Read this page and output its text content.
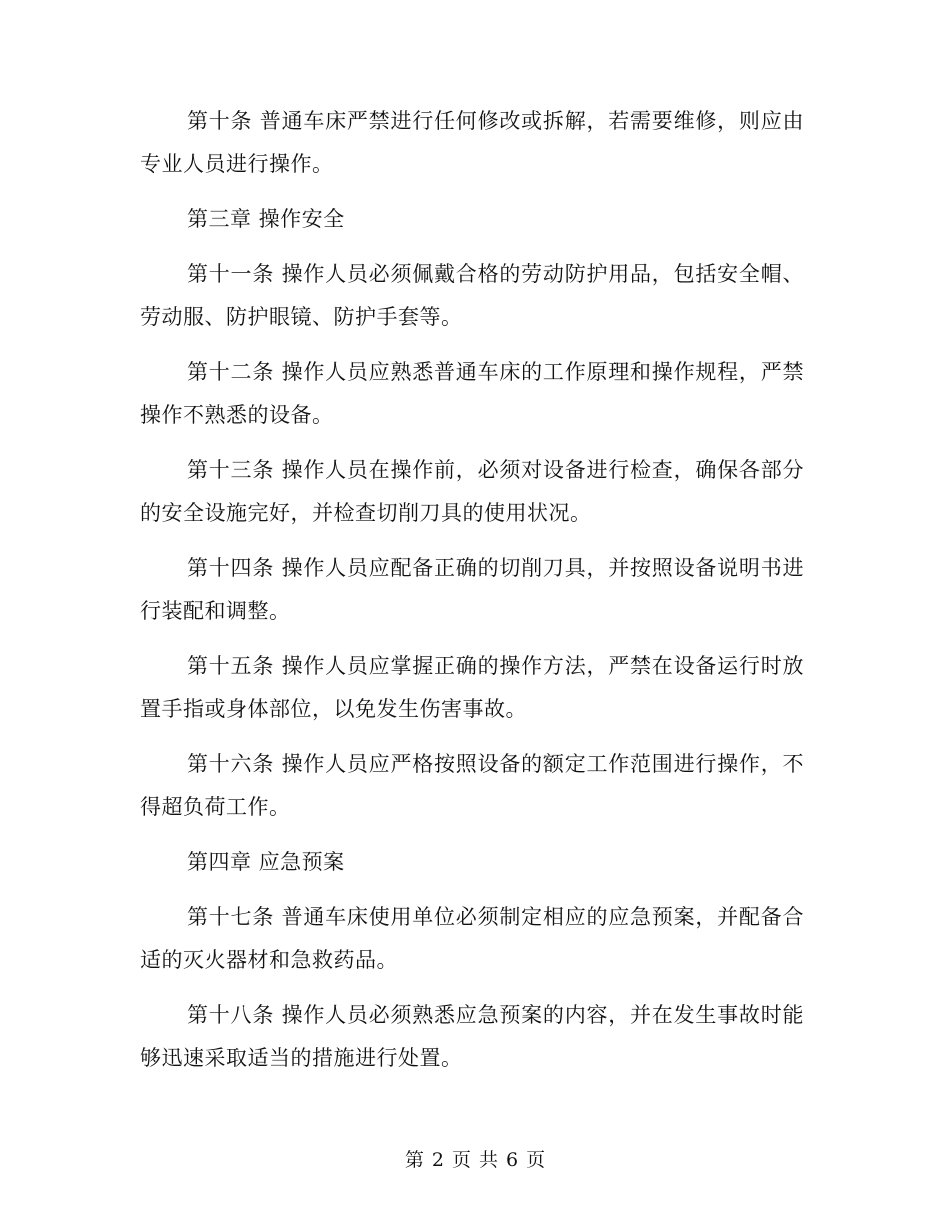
第十条 普通车床严禁进行任何修改或拆解，若需要维修，则应由专业人员进行操作。

第三章 操作安全

第十一条 操作人员必须佩戴合格的劳动防护用品，包括安全帽、劳动服、防护眼镜、防护手套等。

第十二条 操作人员应熟悉普通车床的工作原理和操作规程，严禁操作不熟悉的设备。

第十三条 操作人员在操作前，必须对设备进行检查，确保各部分的安全设施完好，并检查切削刀具的使用状况。

第十四条 操作人员应配备正确的切削刀具，并按照设备说明书进行装配和调整。

第十五条 操作人员应掌握正确的操作方法，严禁在设备运行时放置手指或身体部位，以免发生伤害事故。

第十六条 操作人员应严格按照设备的额定工作范围进行操作，不得超负荷工作。

第四章 应急预案

第十七条 普通车床使用单位必须制定相应的应急预案，并配备合适的灭火器材和急救药品。

第十八条 操作人员必须熟悉应急预案的内容，并在发生事故时能够迅速采取适当的措施进行处置。

第 2 页 共 6 页
